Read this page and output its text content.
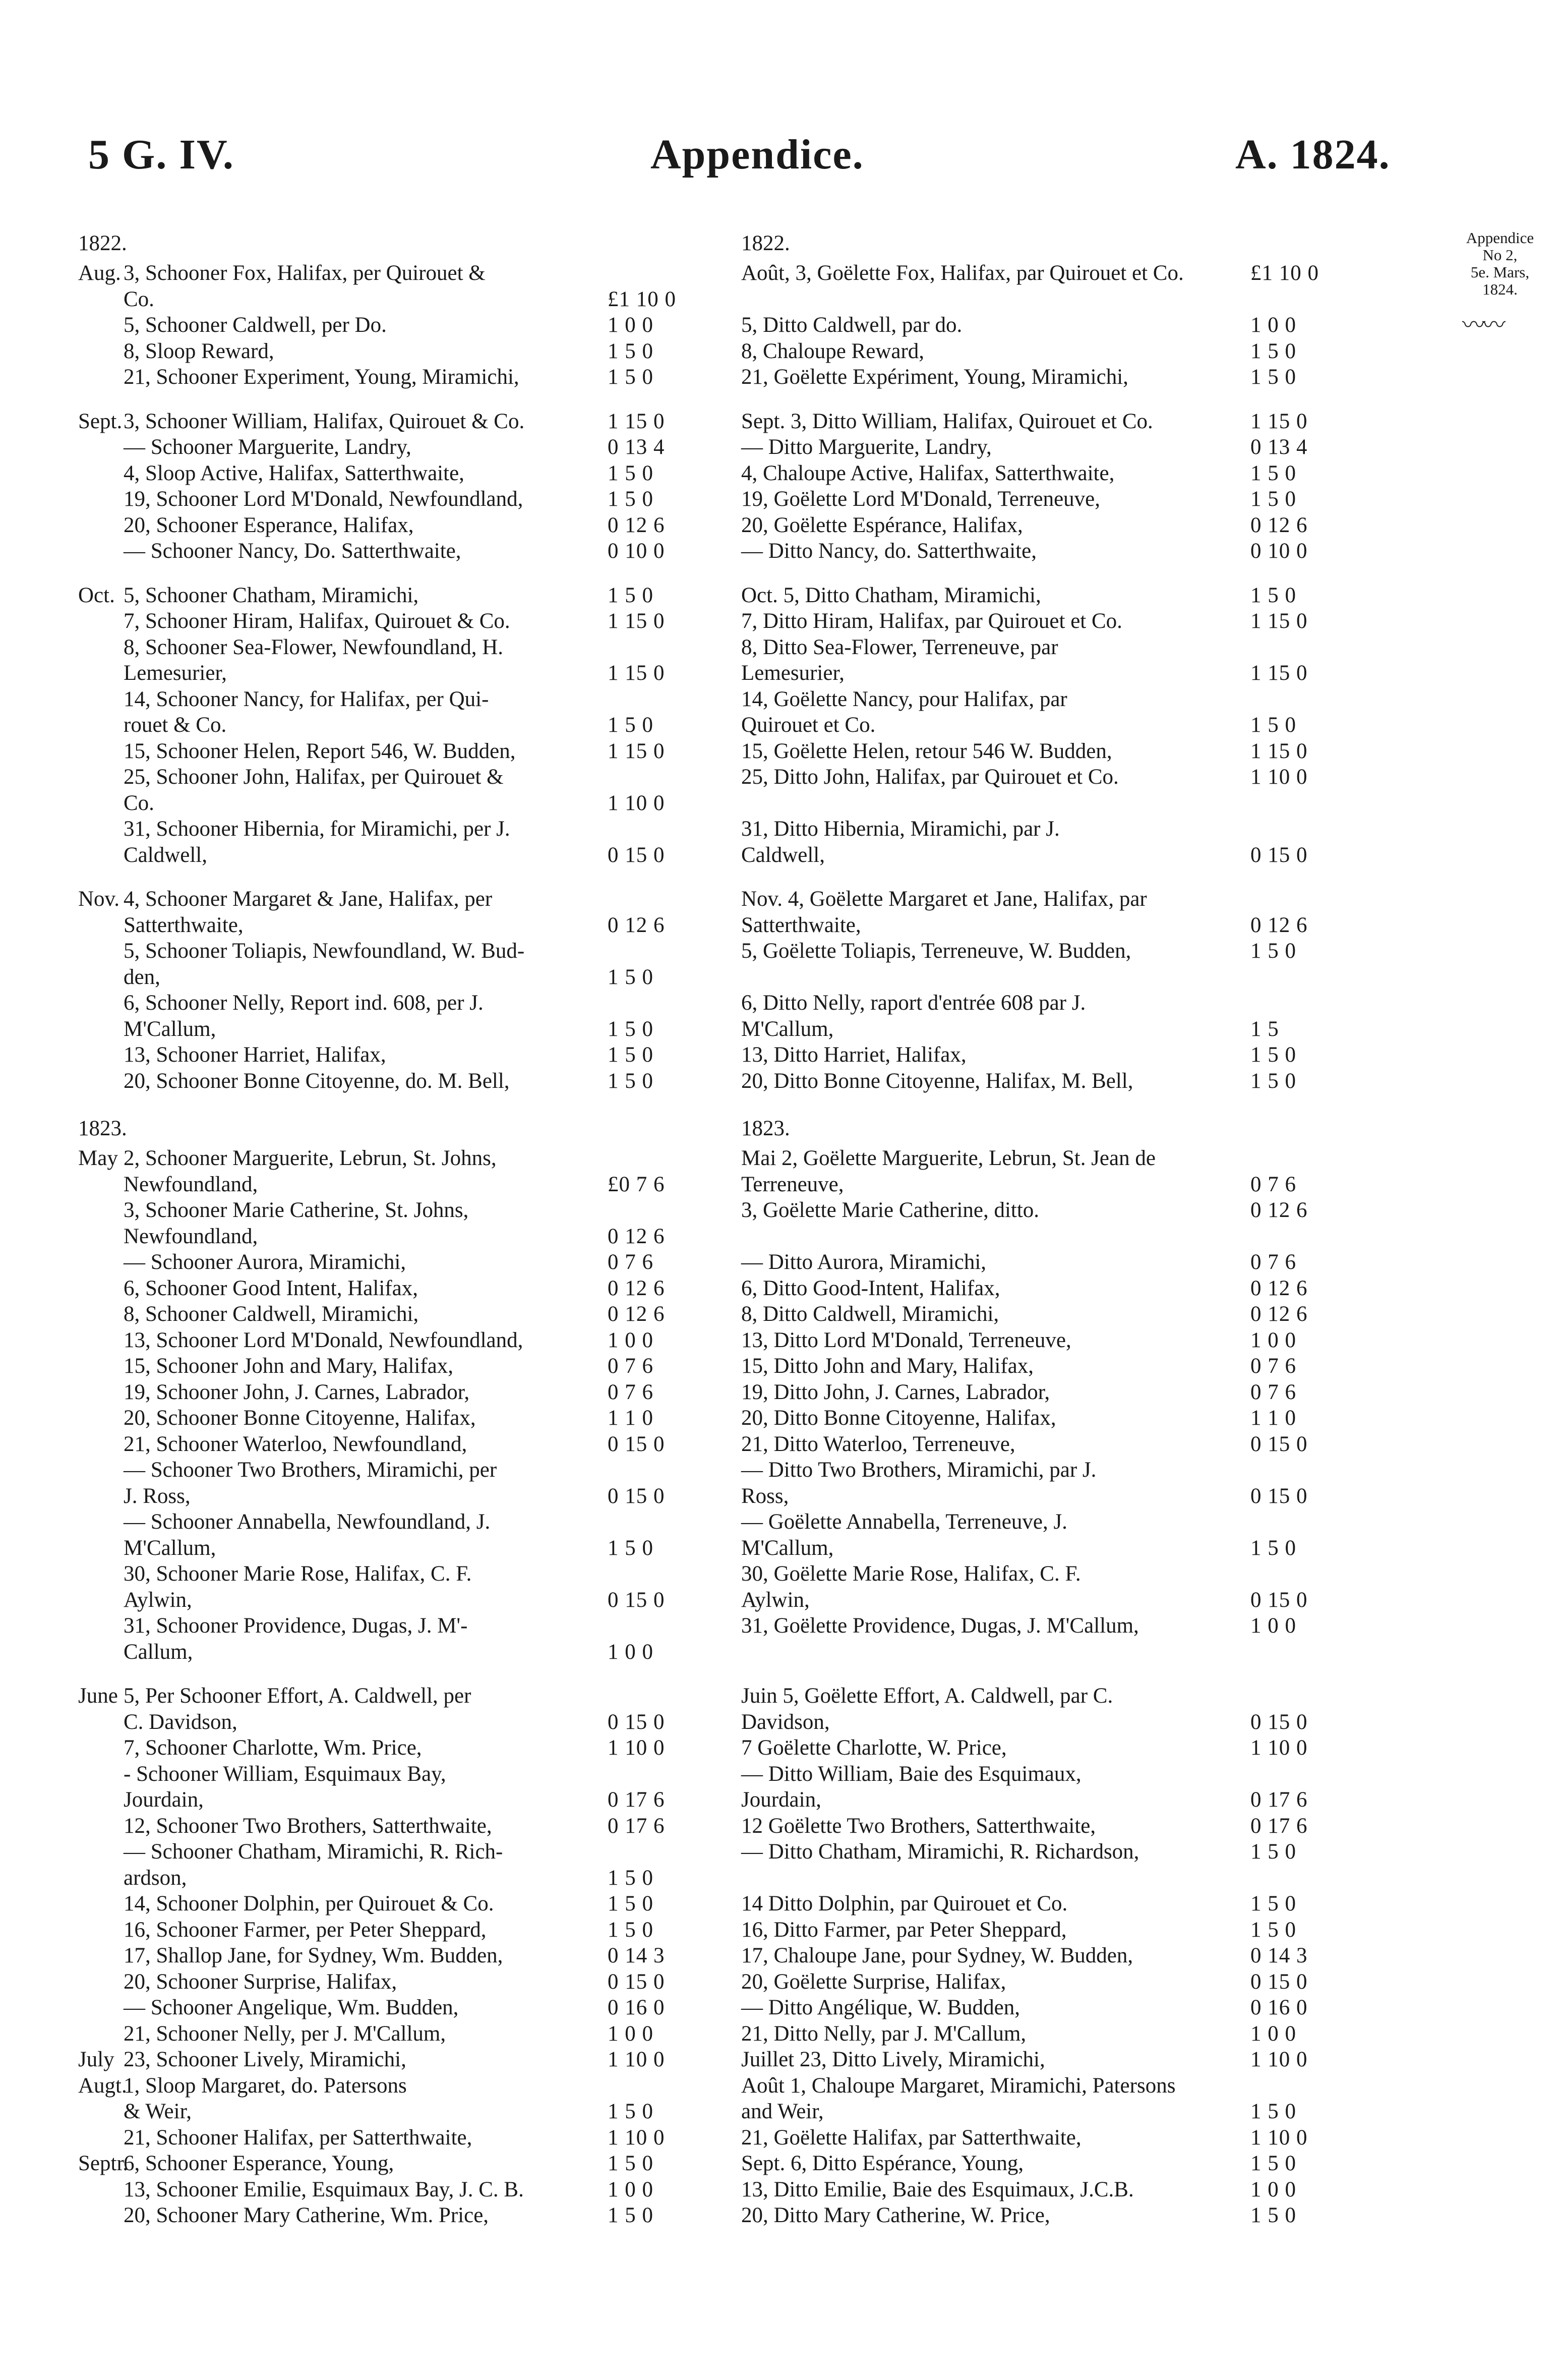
5 G. IV.	Appendice.	A. 1824.
Appendice
No 2,
5e. Mars,
1824.
〰〰
1822.
Aug. 3, Schooner Fox, Halifax, per Quirouet &
Co.	£1 10 0
5, Schooner Caldwell, per Do.	1 0 0
8, Sloop Reward,	1 5 0
21, Schooner Experiment, Young, Miramichi,	1 5 0
Sept. 3, Schooner William, Halifax, Quirouet & Co.	1 15 0
— Schooner Marguerite, Landry,	0 13 4
4, Sloop Active, Halifax, Satterthwaite,	1 5 0
19, Schooner Lord M'Donald, Newfoundland,	1 5 0
20, Schooner Esperance, Halifax,	0 12 6
— Schooner Nancy, Do. Satterthwaite,	0 10 0
Oct. 5, Schooner Chatham, Miramichi,	1 5 0
7, Schooner Hiram, Halifax, Quirouet & Co.	1 15 0
8, Schooner Sea-Flower, Newfoundland, H.
Lemesurier,	1 15 0
14, Schooner Nancy, for Halifax, per Qui-
rouet & Co.	1 5 0
15, Schooner Helen, Report 546, W. Budden,	1 15 0
25, Schooner John, Halifax, per Quirouet &
Co.	1 10 0
31, Schooner Hibernia, for Miramichi, per J.
Caldwell,	0 15 0
Nov. 4, Schooner Margaret & Jane, Halifax, per
Satterthwaite,	0 12 6
5, Schooner Toliapis, Newfoundland, W. Bud-
den,	1 5 0
6, Schooner Nelly, Report ind. 608, per J.
M'Callum,	1 5 0
13, Schooner Harriet, Halifax,	1 5 0
20, Schooner Bonne Citoyenne, do. M. Bell,	1 5 0
1823.
May 2, Schooner Marguerite, Lebrun, St. Johns,
Newfoundland,	£0 7 6
3, Schooner Marie Catherine, St. Johns,
Newfoundland,	0 12 6
— Schooner Aurora, Miramichi,	0 7 6
6, Schooner Good Intent, Halifax,	0 12 6
8, Schooner Caldwell, Miramichi,	0 12 6
13, Schooner Lord M'Donald, Newfoundland,	1 0 0
15, Schooner John and Mary, Halifax,	0 7 6
19, Schooner John, J. Carnes, Labrador,	0 7 6
20, Schooner Bonne Citoyenne, Halifax,	1 1 0
21, Schooner Waterloo, Newfoundland,	0 15 0
— Schooner Two Brothers, Miramichi, per
J. Ross,	0 15 0
— Schooner Annabella, Newfoundland, J.
M'Callum,	1 5 0
30, Schooner Marie Rose, Halifax, C. F.
Aylwin,	0 15 0
31, Schooner Providence, Dugas, J. M'-
Callum,	1 0 0
June 5, Per Schooner Effort, A. Caldwell, per
C. Davidson,	0 15 0
7, Schooner Charlotte, Wm. Price,	1 10 0
- Schooner William, Esquimaux Bay,
Jourdain,	0 17 6
12, Schooner Two Brothers, Satterthwaite,	0 17 6
— Schooner Chatham, Miramichi, R. Rich-
ardson,	1 5 0
14, Schooner Dolphin, per Quirouet & Co.	1 5 0
16, Schooner Farmer, per Peter Sheppard,	1 5 0
17, Shallop Jane, for Sydney, Wm. Budden,	0 14 3
20, Schooner Surprise, Halifax,	0 15 0
— Schooner Angelique, Wm. Budden,	0 16 0
21, Schooner Nelly, per J. M'Callum,	1 0 0
July 23, Schooner Lively, Miramichi,	1 10 0
Augt.
1, Sloop Margaret, do. Patersons
& Weir,	1 5 0
21, Schooner Halifax, per Satterthwaite,	1 10 0
Septr.
6, Schooner Esperance, Young,	1 5 0
13, Schooner Emilie, Esquimaux Bay, J. C. B.	1 0 0
20, Schooner Mary Catherine, Wm. Price,	1 5 0
1822.
Août, 3, Goëlette Fox, Halifax, par Quirouet et Co.	£1 10 0
5, Ditto Caldwell, par do.	1 0 0
8, Chaloupe Reward,	1 5 0
21, Goëlette Expériment, Young, Miramichi,	1 5 0
Sept. 3, Ditto William, Halifax, Quirouet et Co.	1 15 0
— Ditto Marguerite, Landry,	0 13 4
4, Chaloupe Active, Halifax, Satterthwaite,	1 5 0
19, Goëlette Lord M'Donald, Terreneuve,	1 5 0
20, Goëlette Espérance, Halifax,	0 12 6
— Ditto Nancy, do. Satterthwaite,	0 10 0
Oct. 5, Ditto Chatham, Miramichi,	1 5 0
7, Ditto Hiram, Halifax, par Quirouet et Co.	1 15 0
8, Ditto Sea-Flower, Terreneuve, par
Lemesurier,	1 15 0
14, Goëlette Nancy, pour Halifax, par
Quirouet et Co.	1 5 0
15, Goëlette Helen, retour 546 W. Budden,	1 15 0
25, Ditto John, Halifax, par Quirouet et Co.	1 10 0
31, Ditto Hibernia, Miramichi, par J.
Caldwell,	0 15 0
Nov. 4, Goëlette Margaret et Jane, Halifax, par
Satterthwaite,	0 12 6
5, Goëlette Toliapis, Terreneuve, W. Budden,	1 5 0
6, Ditto Nelly, raport d'entrée 608 par J.
M'Callum,	1 5
13, Ditto Harriet, Halifax,	1 5 0
20, Ditto Bonne Citoyenne, Halifax, M. Bell,	1 5 0
1823.
Mai 2, Goëlette Marguerite, Lebrun, St. Jean de
Terreneuve,	0 7 6
3, Goëlette Marie Catherine, ditto.	0 12 6
— Ditto Aurora, Miramichi,	0 7 6
6, Ditto Good-Intent, Halifax,	0 12 6
8, Ditto Caldwell, Miramichi,	0 12 6
13, Ditto Lord M'Donald, Terreneuve,	1 0 0
15, Ditto John and Mary, Halifax,	0 7 6
19, Ditto John, J. Carnes, Labrador,	0 7 6
20, Ditto Bonne Citoyenne, Halifax,	1 1 0
21, Ditto Waterloo, Terreneuve,	0 15 0
— Ditto Two Brothers, Miramichi, par J.
Ross,	0 15 0
— Goëlette Annabella, Terreneuve, J.
M'Callum,	1 5 0
30, Goëlette Marie Rose, Halifax, C. F.
Aylwin,	0 15 0
31, Goëlette Providence, Dugas, J. M'Callum,	1 0 0
Juin 5, Goëlette Effort, A. Caldwell, par C.
Davidson,	0 15 0
7 Goëlette Charlotte, W. Price,	1 10 0
— Ditto William, Baie des Esquimaux,
Jourdain,	0 17 6
12 Goëlette Two Brothers, Satterthwaite,	0 17 6
— Ditto Chatham, Miramichi, R. Richardson,	1 5 0
14 Ditto Dolphin, par Quirouet et Co.	1 5 0
16, Ditto Farmer, par Peter Sheppard,	1 5 0
17, Chaloupe Jane, pour Sydney, W. Budden,	0 14 3
20, Goëlette Surprise, Halifax,	0 15 0
— Ditto Angélique, W. Budden,	0 16 0
21, Ditto Nelly, par J. M'Callum,	1 0 0
Juillet 23, Ditto Lively, Miramichi,	1 10 0
Août 1, Chaloupe Margaret, Miramichi, Patersons
and Weir,	1 5 0
21, Goëlette Halifax, par Satterthwaite,	1 10 0
Sept. 6, Ditto Espérance, Young,	1 5 0
13, Ditto Emilie, Baie des Esquimaux, J.C.B.	1 0 0
20, Ditto Mary Catherine, W. Price,	1 5 0
